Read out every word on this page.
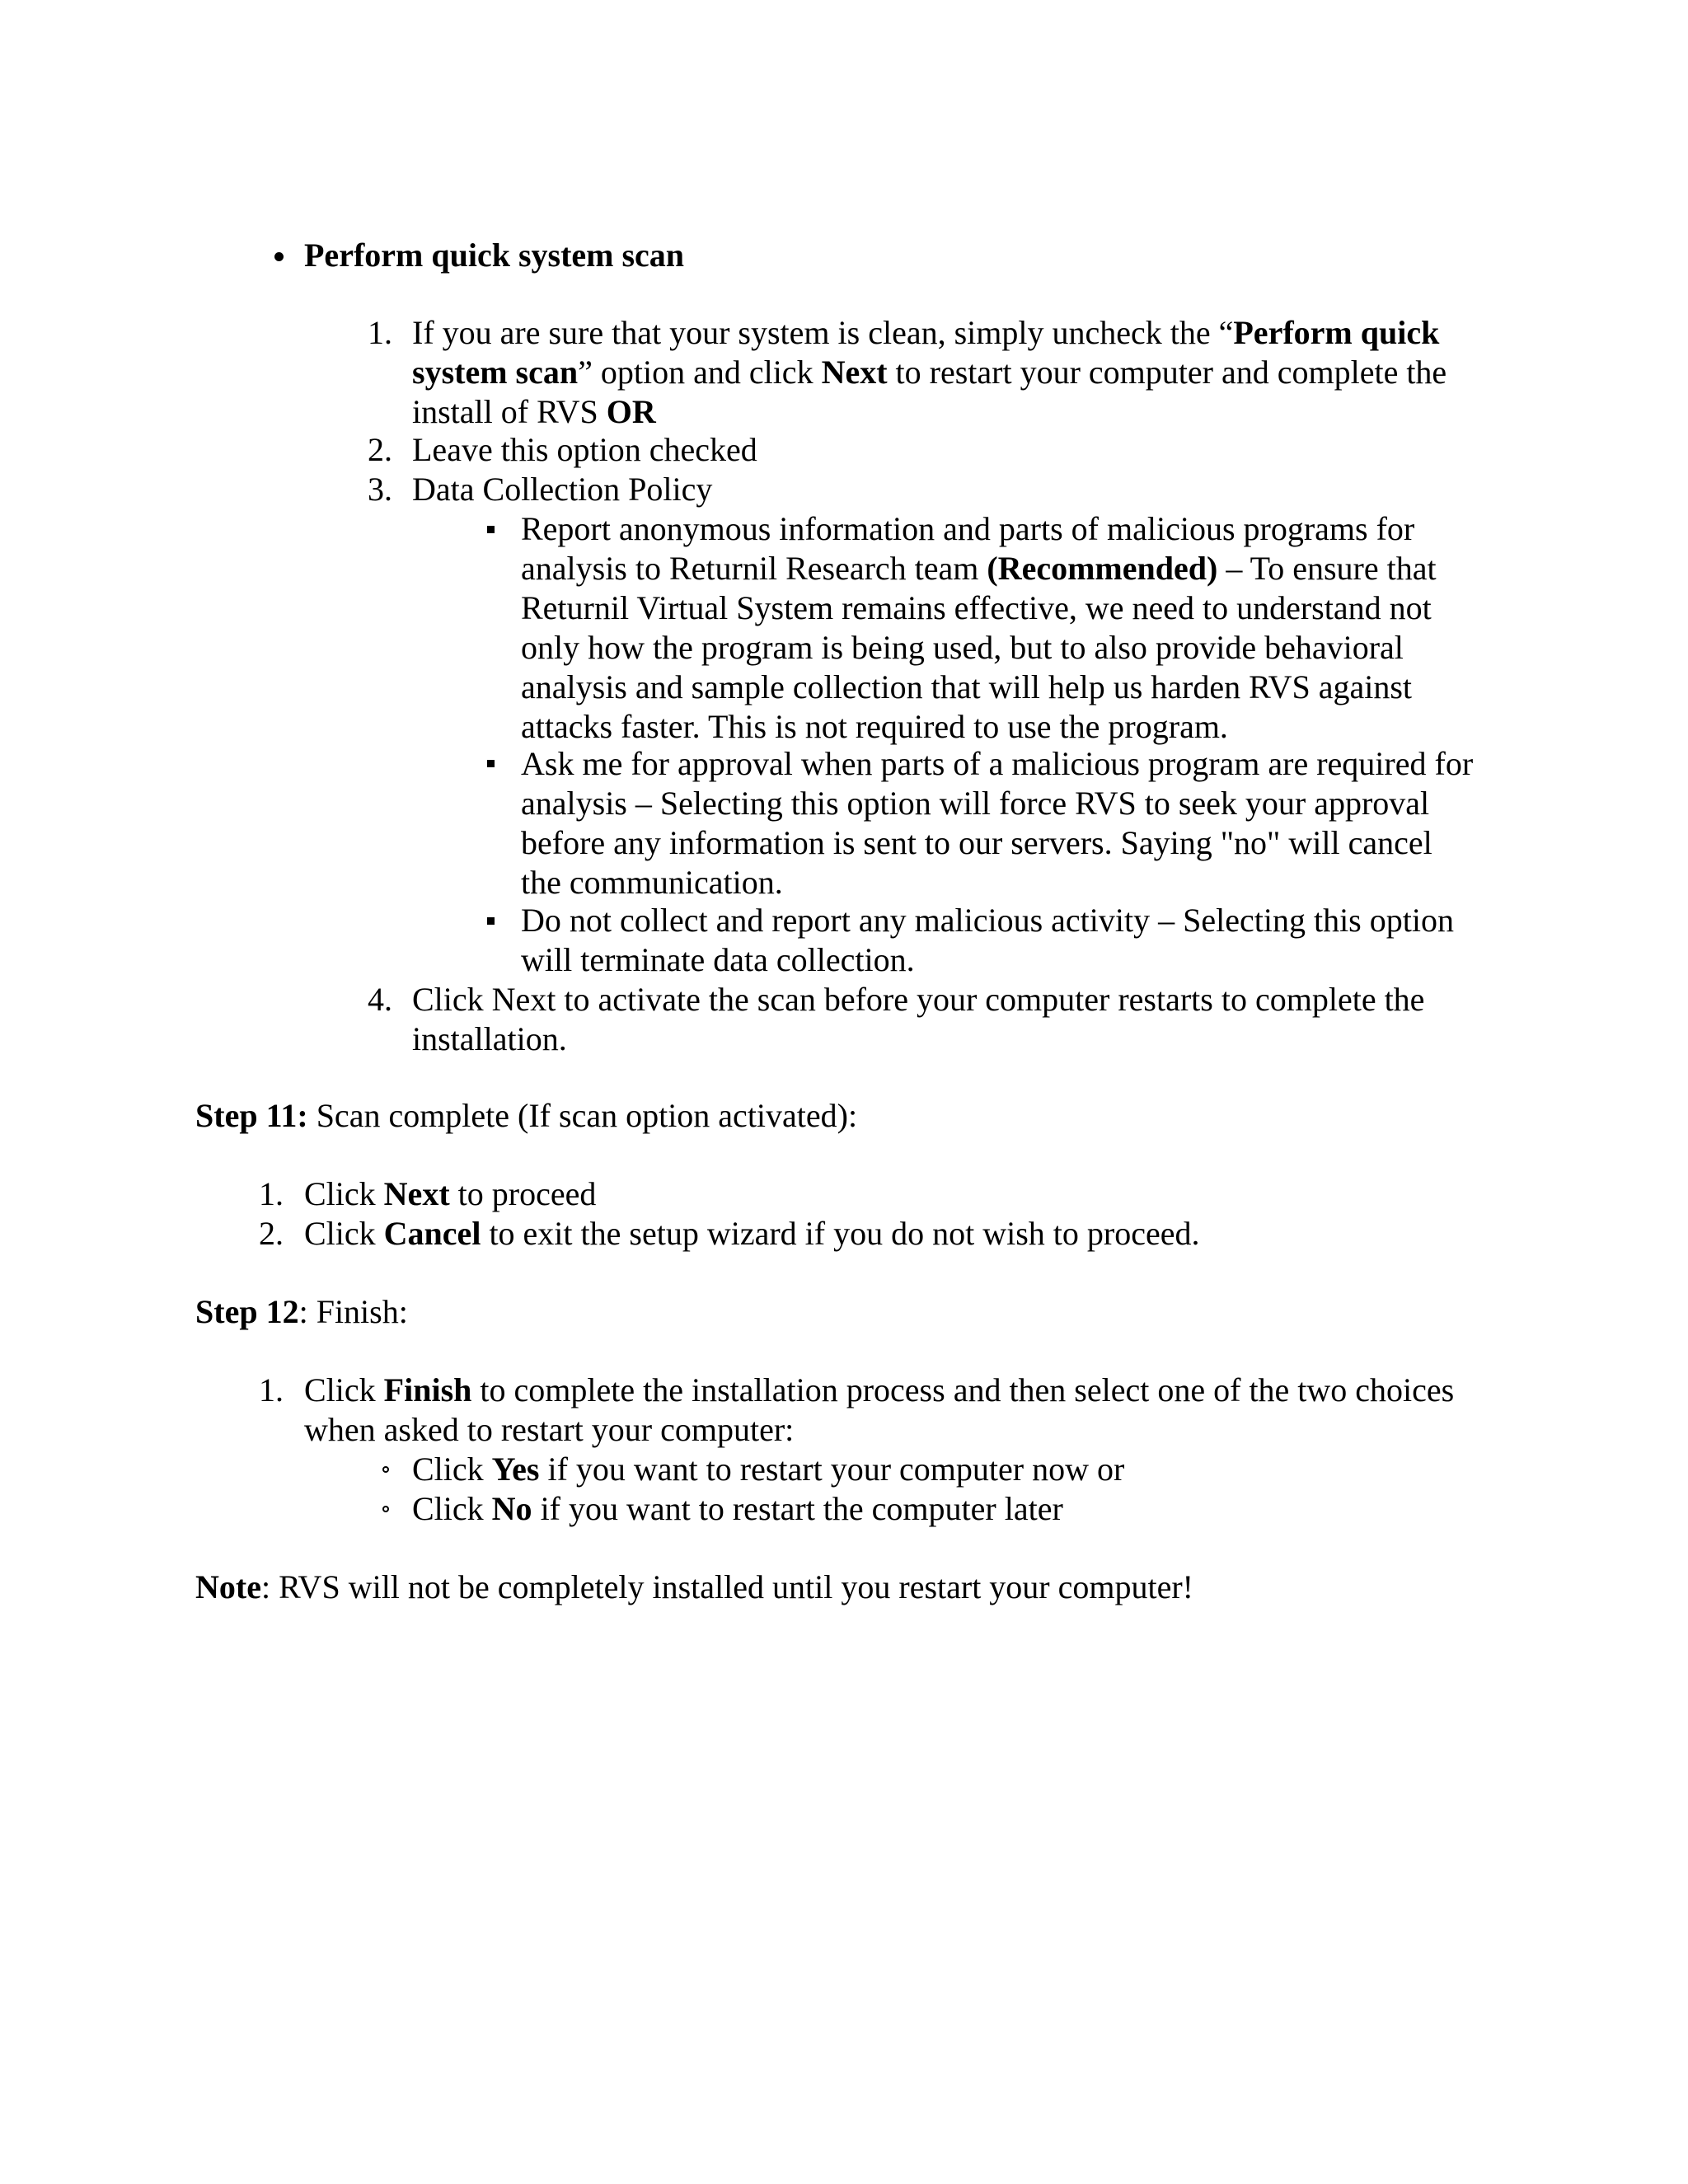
Perform quick system scan
1. If you are sure that your system is clean, simply uncheck the “Perform quick
system scan” option and click Next to restart your computer and complete the
install of RVS OR
2. Leave this option checked
3. Data Collection Policy
Report anonymous information and parts of malicious programs for
analysis to Returnil Research team (Recommended) – To ensure that
Returnil Virtual System remains effective, we need to understand not
only how the program is being used, but to also provide behavioral
analysis and sample collection that will help us harden RVS against
attacks faster. This is not required to use the program.
Ask me for approval when parts of a malicious program are required for
analysis – Selecting this option will force RVS to seek your approval
before any information is sent to our servers. Saying "no" will cancel
the communication.
Do not collect and report any malicious activity – Selecting this option
will terminate data collection.
4. Click Next to activate the scan before your computer restarts to complete the
installation.
Step 11: Scan complete (If scan option activated):
1. Click Next to proceed
2. Click Cancel to exit the setup wizard if you do not wish to proceed.
Step 12: Finish:
1. Click Finish to complete the installation process and then select one of the two choices
when asked to restart your computer:
Click Yes if you want to restart your computer now or
Click No if you want to restart the computer later
Note: RVS will not be completely installed until you restart your computer!
